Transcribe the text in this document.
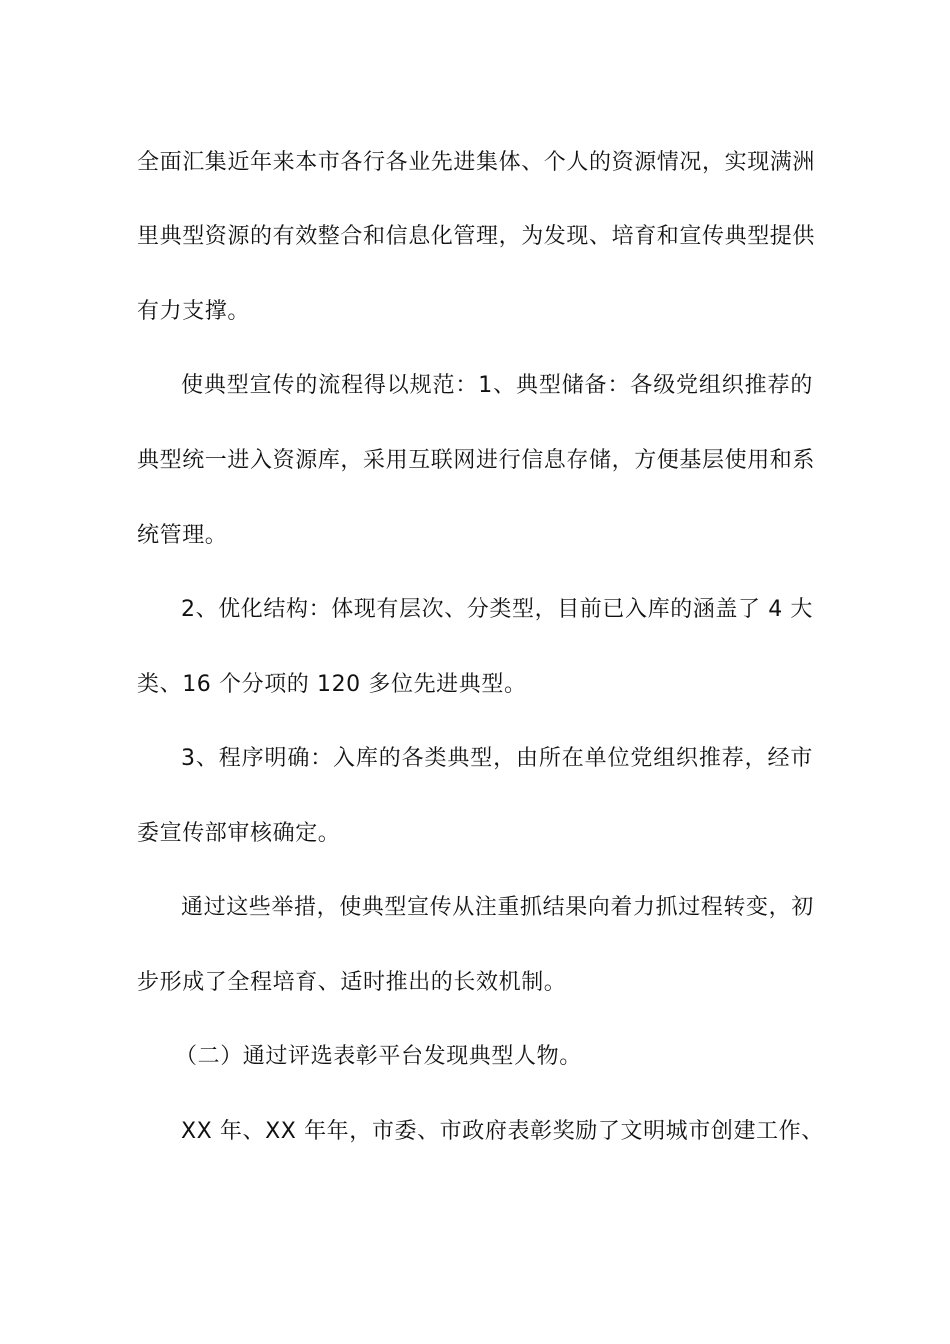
全面汇集近年来本市各行各业先进集体、个人的资源情况，实现满洲
里典型资源的有效整合和信息化管理，为发现、培育和宣传典型提供
有力支撑。
使典型宣传的流程得以规范：1、典型储备：各级党组织推荐的
典型统一进入资源库，采用互联网进行信息存储，方便基层使用和系
统管理。
2、优化结构：体现有层次、分类型，目前已入库的涵盖了 4 大
类、16 个分项的 120 多位先进典型。
3、程序明确：入库的各类典型，由所在单位党组织推荐，经市
委宣传部审核确定。
通过这些举措，使典型宣传从注重抓结果向着力抓过程转变，初
步形成了全程培育、适时推出的长效机制。
（二）通过评选表彰平台发现典型人物。
XX 年、XX 年年，市委、市政府表彰奖励了文明城市创建工作、
